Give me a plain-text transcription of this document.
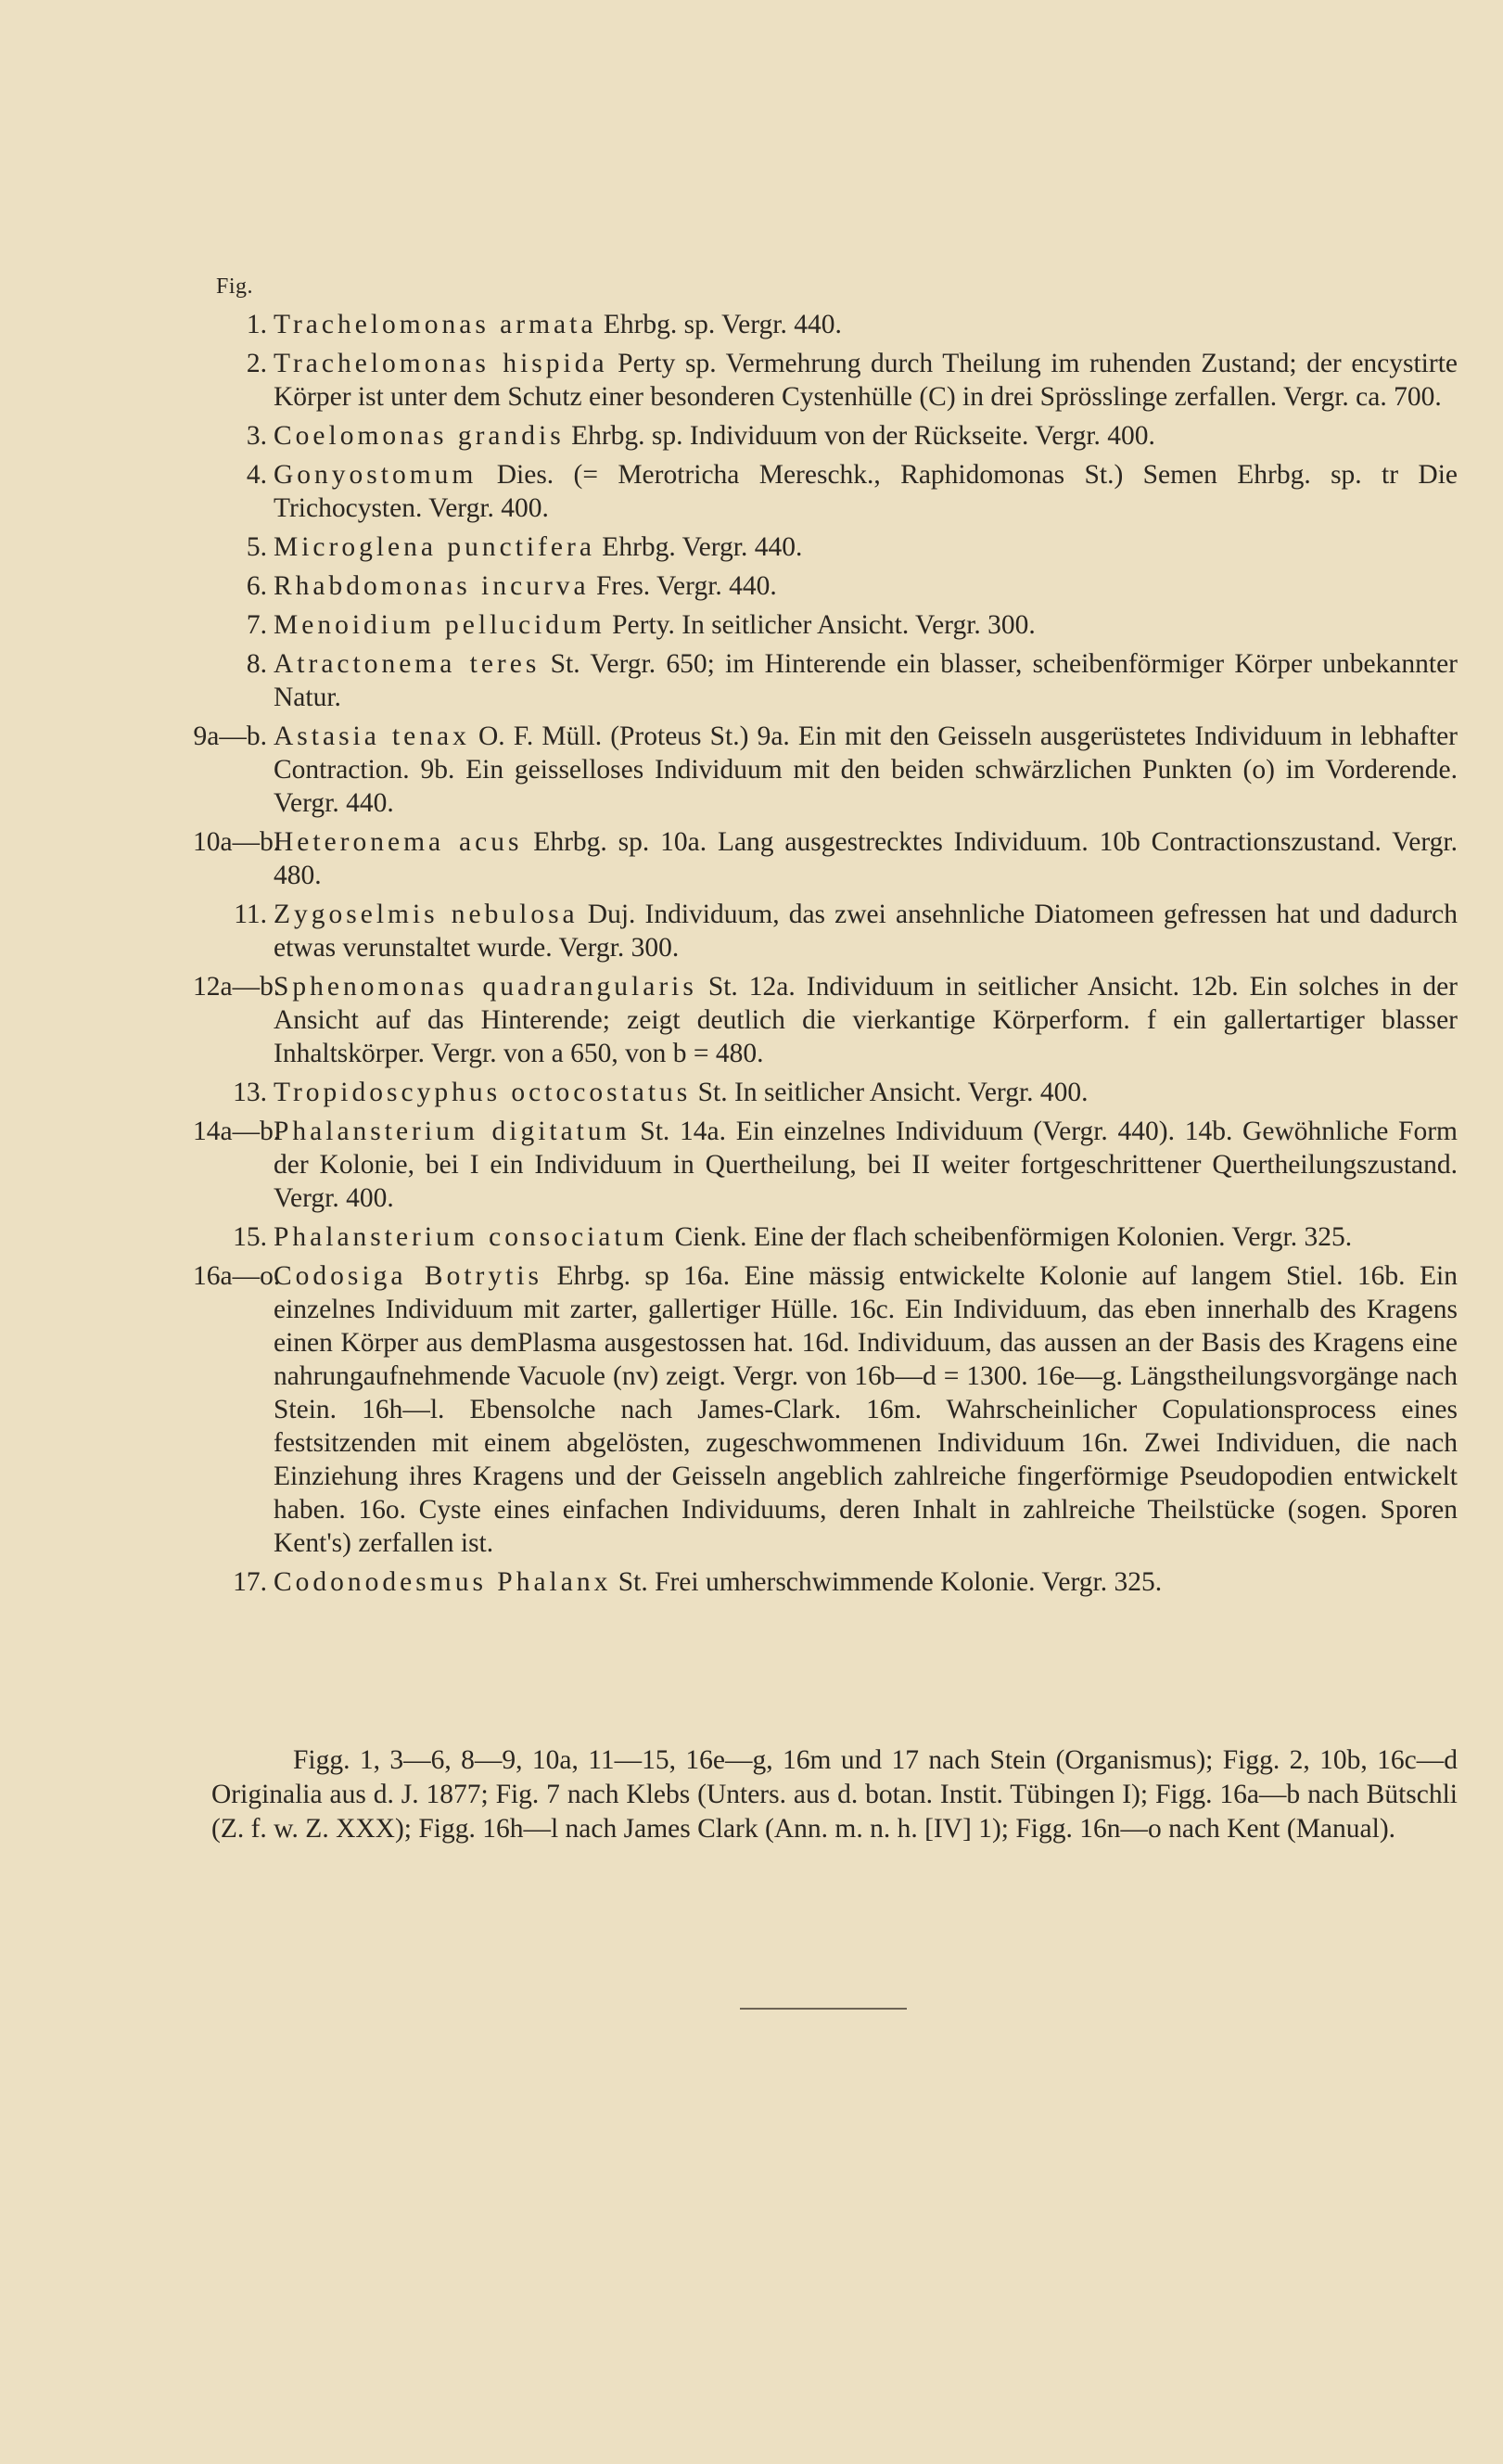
Fig.
1. Trachelomonas armata Ehrbg. sp. Vergr. 440.
2. Trachelomonas hispida Perty sp. Vermehrung durch Theilung im ruhenden Zustand; der encystirte Körper ist unter dem Schutz einer besonderen Cystenhülle (C) in drei Sprösslinge zerfallen. Vergr. ca. 700.
3. Coelomonas grandis Ehrbg. sp. Individuum von der Rückseite. Vergr. 400.
4. Gonyostomum Dies. (= Merotricha Mereschk., Raphidomonas St.) Semen Ehrbg. sp. tr Die Trichocysten. Vergr. 400.
5. Microglena punctifera Ehrbg. Vergr. 440.
6. Rhabdomonas incurva Fres. Vergr. 440.
7. Menoidium pellucidum Perty. In seitlicher Ansicht. Vergr. 300.
8. Atractonema teres St. Vergr. 650; im Hinterende ein blasser, scheibenförmiger Körper unbekannter Natur.
9a—b. Astasia tenax O. F. Müll. (Proteus St.) 9a. Ein mit den Geisseln ausgerüstetes Individuum in lebhafter Contraction. 9b. Ein geisselloses Individuum mit den beiden schwärzlichen Punkten (o) im Vorderende. Vergr. 440.
10a—b.
Heteronema acus Ehrbg. sp. 10a. Lang ausgestrecktes Individuum. 10b Contractionszustand. Vergr. 480.
11. Zygoselmis nebulosa Duj. Individuum, das zwei ansehnliche Diatomeen gefressen hat und dadurch etwas verunstaltet wurde. Vergr. 300.
12a—b.
Sphenomonas quadrangularis St. 12a. Individuum in seitlicher Ansicht. 12b. Ein solches in der Ansicht auf das Hinterende; zeigt deutlich die vierkantige Körperform. f ein gallertartiger blasser Inhaltskörper. Vergr. von a 650, von b = 480.
13. Tropidoscyphus octocostatus St. In seitlicher Ansicht. Vergr. 400.
14a—b.
Phalansterium digitatum St. 14a. Ein einzelnes Individuum (Vergr. 440). 14b. Gewöhnliche Form der Kolonie, bei I ein Individuum in Quertheilung, bei II weiter fortgeschrittener Quertheilungszustand. Vergr. 400.
15. Phalansterium consociatum Cienk. Eine der flach scheibenförmigen Kolonien. Vergr. 325.
16a—o.
Codosiga Botrytis Ehrbg. sp 16a. Eine mässig entwickelte Kolonie auf langem Stiel. 16b. Ein einzelnes Individuum mit zarter, gallertiger Hülle. 16c. Ein Individuum, das eben innerhalb des Kragens einen Körper aus demPlasma ausgestossen hat. 16d. Individuum, das aussen an der Basis des Kragens eine nahrungaufnehmende Vacuole (nv) zeigt. Vergr. von 16b—d = 1300. 16e—g. Längstheilungsvorgänge nach Stein. 16h—l. Ebensolche nach James-Clark. 16m. Wahrscheinlicher Copulationsprocess eines festsitzenden mit einem abgelösten, zugeschwommenen Individuum 16n. Zwei Individuen, die nach Einziehung ihres Kragens und der Geisseln angeblich zahlreiche fingerförmige Pseudopodien entwickelt haben. 16o. Cyste eines einfachen Individuums, deren Inhalt in zahlreiche Theilstücke (sogen. Sporen Kent's) zerfallen ist.
17. Codonodesmus Phalanx St. Frei umherschwimmende Kolonie. Vergr. 325.
Figg. 1, 3—6, 8—9, 10a, 11—15, 16e—g, 16m und 17 nach Stein (Organismus); Figg. 2, 10b, 16c—d Originalia aus d. J. 1877; Fig. 7 nach Klebs (Unters. aus d. botan. Instit. Tübingen I); Figg. 16a—b nach Bütschli (Z. f. w. Z. XXX); Figg. 16h—l nach James Clark (Ann. m. n. h. [IV] 1); Figg. 16n—o nach Kent (Manual).
